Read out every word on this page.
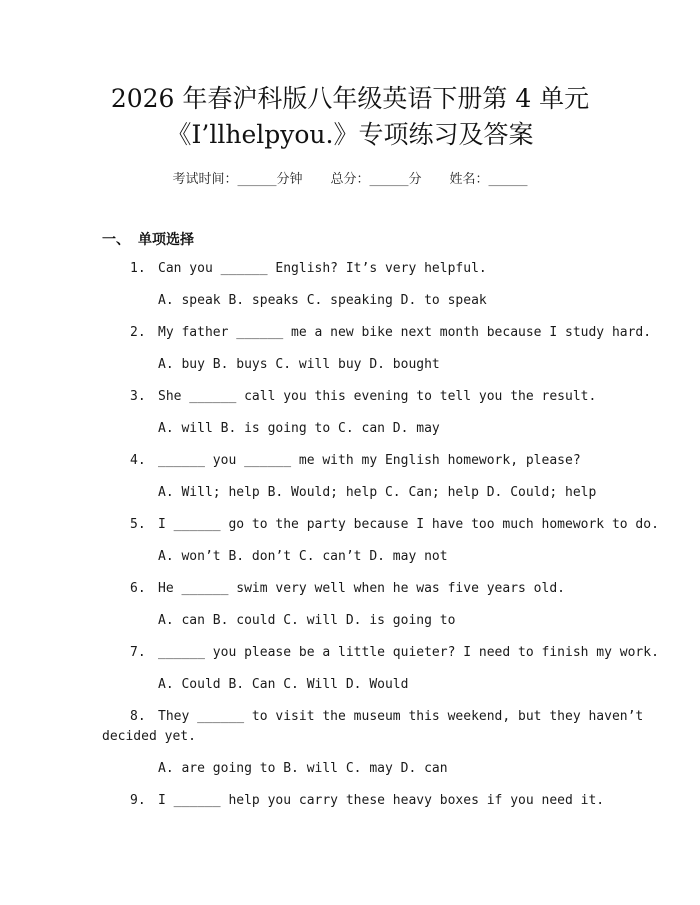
2026 年春沪科版八年级英语下册第 4 单元
《I’llhelpyou.》专项练习及答案
考试时间：______分钟 总分：______分 姓名：______
一、 单项选择
1. Can you ______ English? It’s very helpful.
A. speak B. speaks C. speaking D. to speak
2. My father ______ me a new bike next month because I study hard.
A. buy B. buys C. will buy D. bought
3. She ______ call you this evening to tell you the result.
A. will B. is going to C. can D. may
4. ______ you ______ me with my English homework, please?
A. Will; help B. Would; help C. Can; help D. Could; help
5. I ______ go to the party because I have too much homework to do.
A. won’t B. don’t C. can’t D. may not
6. He ______ swim very well when he was five years old.
A. can B. could C. will D. is going to
7. ______ you please be a little quieter? I need to finish my work.
A. Could B. Can C. Will D. Would
8. They ______ to visit the museum this weekend, but they haven’t
decided yet.
A. are going to B. will C. may D. can
9. I ______ help you carry these heavy boxes if you need it.
